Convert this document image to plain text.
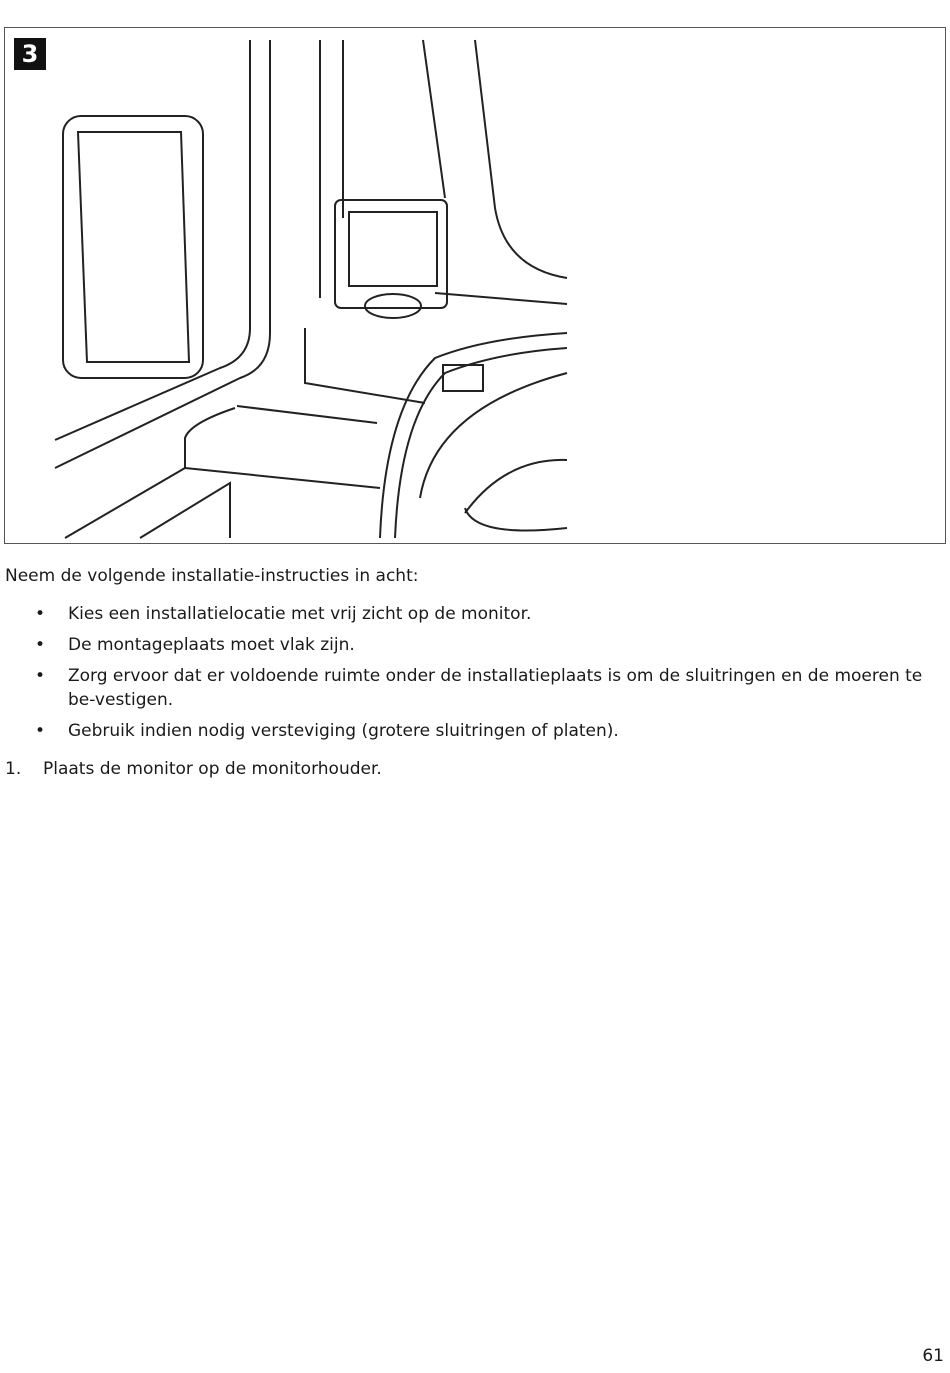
3
Neem de volgende installatie-instructies in acht:
• Kies een installatielocatie met vrij zicht op de monitor.
• De montageplaats moet vlak zijn.
• Zorg ervoor dat er voldoende ruimte onder de installatieplaats is om de sluitringen en de moeren te be-vestigen.
• Gebruik indien nodig versteviging (grotere sluitringen of platen).
1. Plaats de monitor op de monitorhouder.
61
